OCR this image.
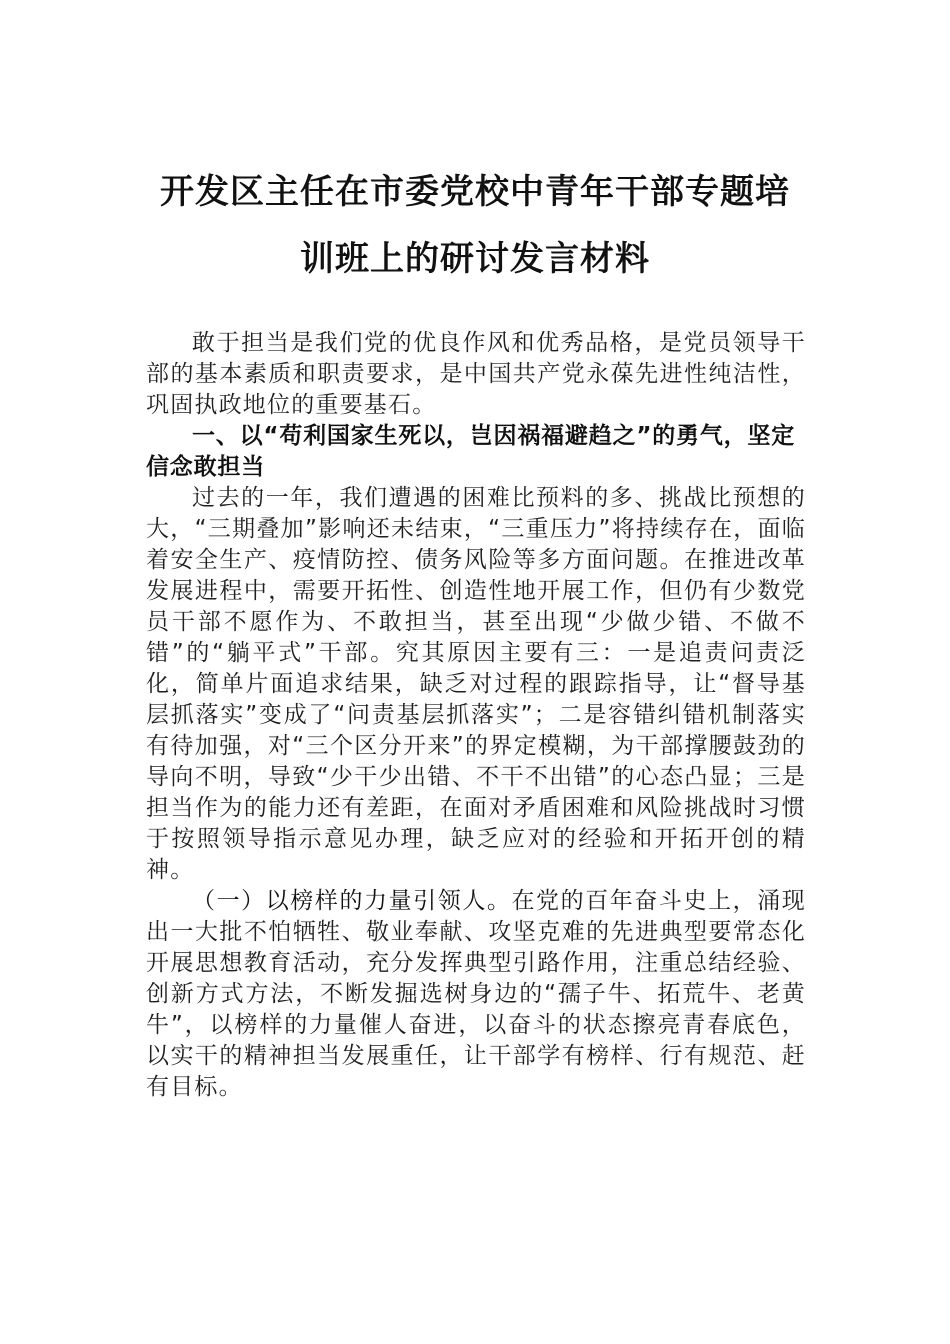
开发区主任在市委党校中青年干部专题培
训班上的研讨发言材料

敢于担当是我们党的优良作风和优秀品格，是党员领导干部的基本素质和职责要求，是中国共产党永葆先进性纯洁性，巩固执政地位的重要基石。

一、以“苟利国家生死以，岂因祸福避趋之”的勇气，坚定信念敢担当

过去的一年，我们遭遇的困难比预料的多、挑战比预想的大，“三期叠加”影响还未结束，“三重压力”将持续存在，面临着安全生产、疫情防控、债务风险等多方面问题。在推进改革发展进程中，需要开拓性、创造性地开展工作，但仍有少数党员干部不愿作为、不敢担当，甚至出现“少做少错、不做不错”的“躺平式”干部。究其原因主要有三：一是追责问责泛化，简单片面追求结果，缺乏对过程的跟踪指导，让“督导基层抓落实”变成了“问责基层抓落实”；二是容错纠错机制落实有待加强，对“三个区分开来”的界定模糊，为干部撑腰鼓劲的导向不明，导致“少干少出错、不干不出错”的心态凸显；三是担当作为的能力还有差距，在面对矛盾困难和风险挑战时习惯于按照领导指示意见办理，缺乏应对的经验和开拓开创的精神。

（一）以榜样的力量引领人。在党的百年奋斗史上，涌现出一大批不怕牺牲、敬业奉献、攻坚克难的先进典型要常态化开展思想教育活动，充分发挥典型引路作用，注重总结经验、创新方式方法，不断发掘选树身边的“孺子牛、拓荒牛、老黄牛”，以榜样的力量催人奋进，以奋斗的状态擦亮青春底色，以实干的精神担当发展重任，让干部学有榜样、行有规范、赶有目标。
